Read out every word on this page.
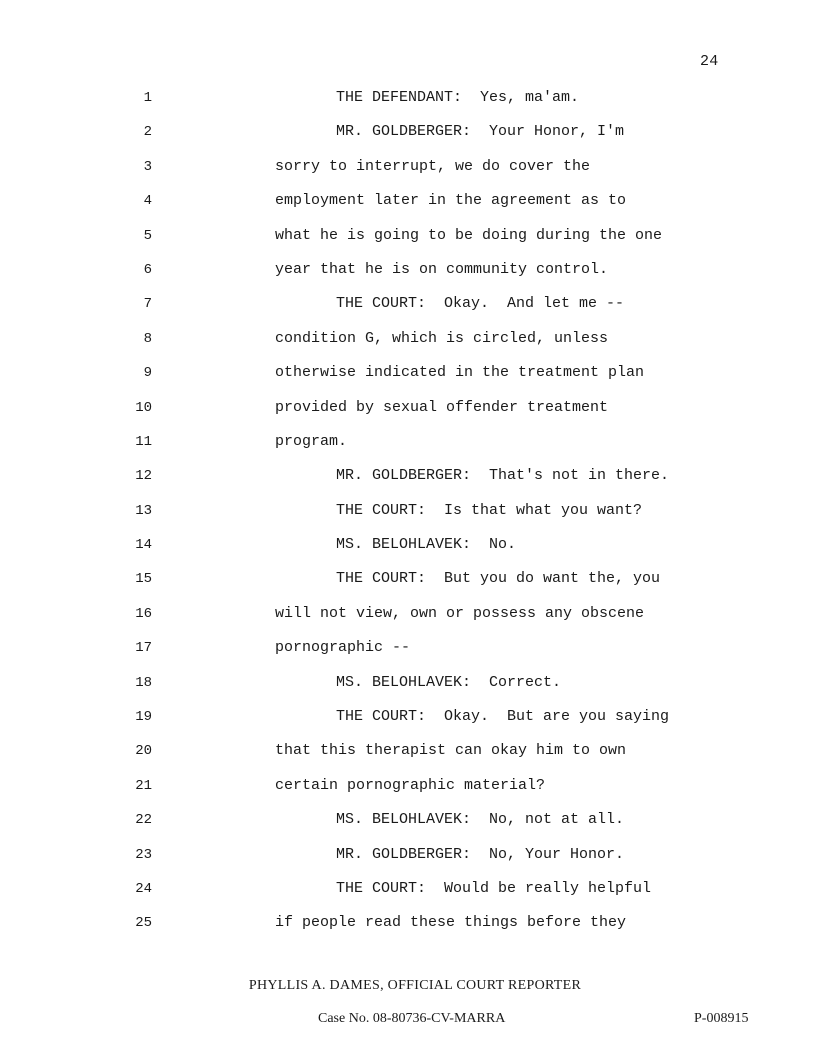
24
1	THE DEFENDANT:  Yes, ma'am.
2	MR. GOLDBERGER:  Your Honor, I'm
3	sorry to interrupt, we do cover the
4	employment later in the agreement as to
5	what he is going to be doing during the one
6	year that he is on community control.
7	THE COURT:  Okay.  And let me --
8	condition G, which is circled, unless
9	otherwise indicated in the treatment plan
10	provided by sexual offender treatment
11	program.
12	MR. GOLDBERGER:  That's not in there.
13	THE COURT:  Is that what you want?
14	MS. BELOHLAVEK:  No.
15	THE COURT:  But you do want the, you
16	will not view, own or possess any obscene
17	pornographic --
18	MS. BELOHLAVEK:  Correct.
19	THE COURT:  Okay.  But are you saying
20	that this therapist can okay him to own
21	certain pornographic material?
22	MS. BELOHLAVEK:  No, not at all.
23	MR. GOLDBERGER:  No, Your Honor.
24	THE COURT:  Would be really helpful
25	if people read these things before they
PHYLLIS A. DAMES, OFFICIAL COURT REPORTER
Case No. 08-80736-CV-MARRA	P-008915
